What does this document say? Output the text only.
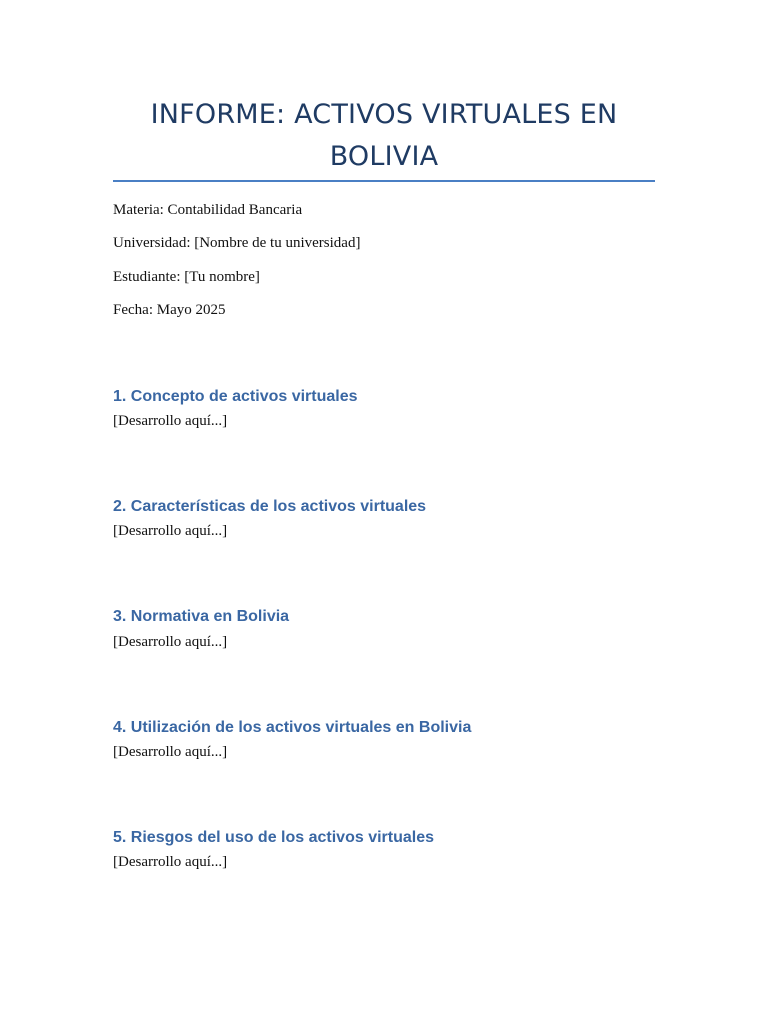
INFORME: ACTIVOS VIRTUALES EN BOLIVIA

Materia: Contabilidad Bancaria

Universidad: [Nombre de tu universidad]

Estudiante: [Tu nombre]

Fecha: Mayo 2025

1. Concepto de activos virtuales

[Desarrollo aquí...]

2. Características de los activos virtuales

[Desarrollo aquí...]

3. Normativa en Bolivia

[Desarrollo aquí...]

4. Utilización de los activos virtuales en Bolivia

[Desarrollo aquí...]

5. Riesgos del uso de los activos virtuales

[Desarrollo aquí...]
